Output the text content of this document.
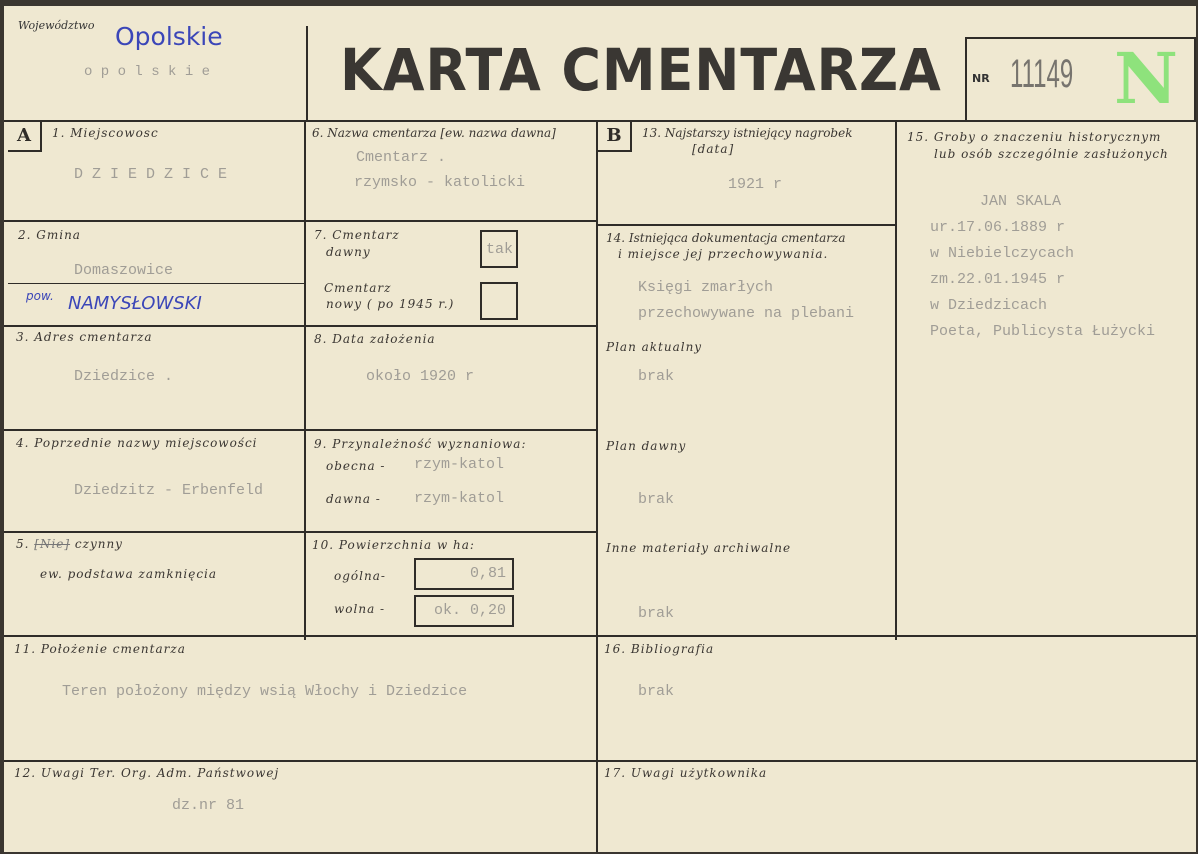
Województwo Opolskie
o p o l s k i e KARTA CMENTARZA	NR 11149 N
A	1. Miejscowosc
D Z I E D Z I C E
2. Gmina
Domaszowice
pow. NAMYSŁOWSKI
3. Adres cmentarza
Dziedzice .
4. Poprzednie nazwy miejscowości
Dziedzitz - Erbenfeld
5. [Nie] czynny
ew. podstawa zamknięcia
6. Nazwa cmentarza [ew. nazwa dawna]
Cmentarz .
rzymsko - katolicki
7. Cmentarz
dawny	tak
Cmentarz
nowy ( po 1945 r.)
8. Data założenia
około 1920 r
9. Przynależność wyznaniowa:
obecna - rzym-katol
dawna - rzym-katol
10. Powierzchnia w ha:
ogólna-	0,81
wolna -	ok. 0,20
B	13. Najstarszy istniejący nagrobek
[data]
1921 r
14. Istniejąca dokumentacja cmentarza
i miejsce jej przechowywania.
Księgi zmarłych
przechowywane na plebani
Plan aktualny
brak
Plan dawny
brak
Inne materiały archiwalne
brak
15. Groby o znaczeniu historycznym
lub osób szczególnie zasłużonych
JAN SKALA
ur.17.06.1889 r
w Niebielczycach
zm.22.01.1945 r
w Dziedzicach
Poeta, Publicysta Łużycki
11. Położenie cmentarza
Teren położony między wsią Włochy i Dziedzice
12. Uwagi Ter. Org. Adm. Państwowej
dz.nr 81
16. Bibliografia
brak
17. Uwagi użytkownika
